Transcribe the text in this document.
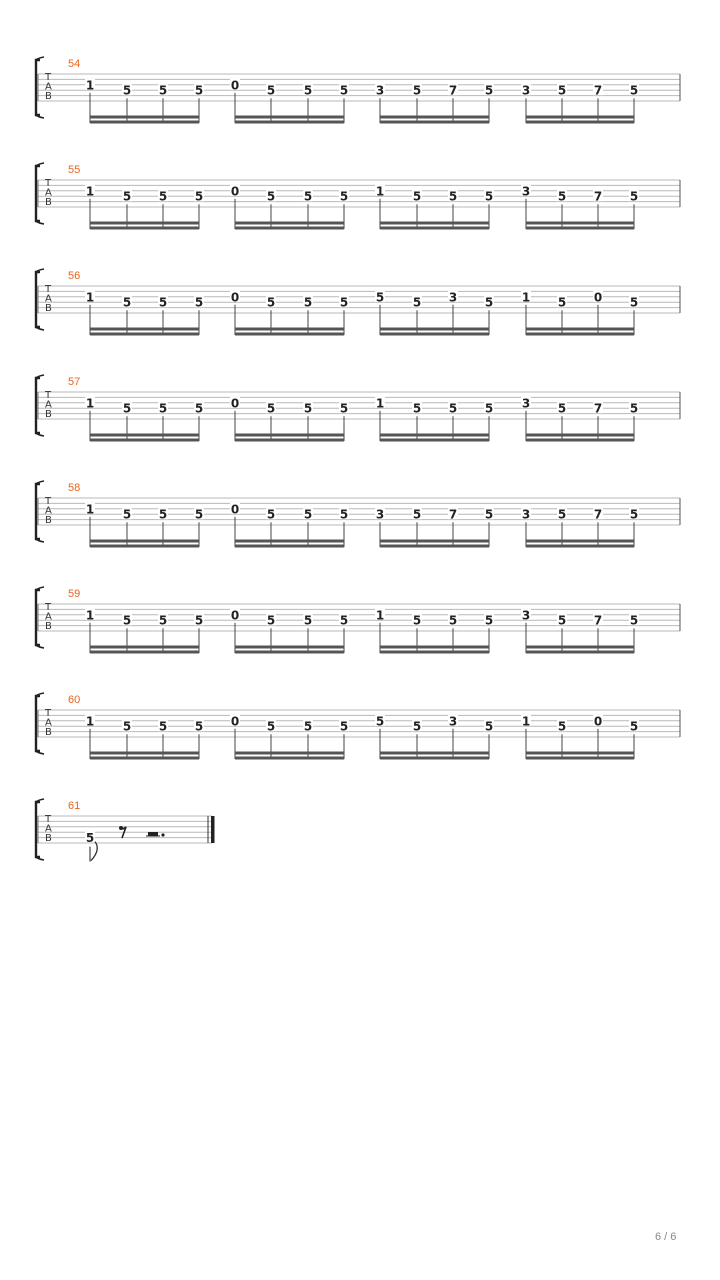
54
T
A
B
1 5 5 5 0 5 5 5 3 5 7 5 3 5 7 5
55
T
A
B
1 5 5 5 0 5 5 5 1 5 5 5 3 5 7 5
56
T
A
B
1 5 5 5 0 5 5 5 5 5 3 5 1 5 0 5
57
T
A
B
1 5 5 5 0 5 5 5 1 5 5 5 3 5 7 5
58
T
A
B
1 5 5 5 0 5 5 5 3 5 7 5 3 5 7 5
59
T
A
B
1 5 5 5 0 5 5 5 1 5 5 5 3 5 7 5
60
T
A
B
1 5 5 5 0 5 5 5 5 5 3 5 1 5 0 5
61
T
A
B	5
6 / 6
